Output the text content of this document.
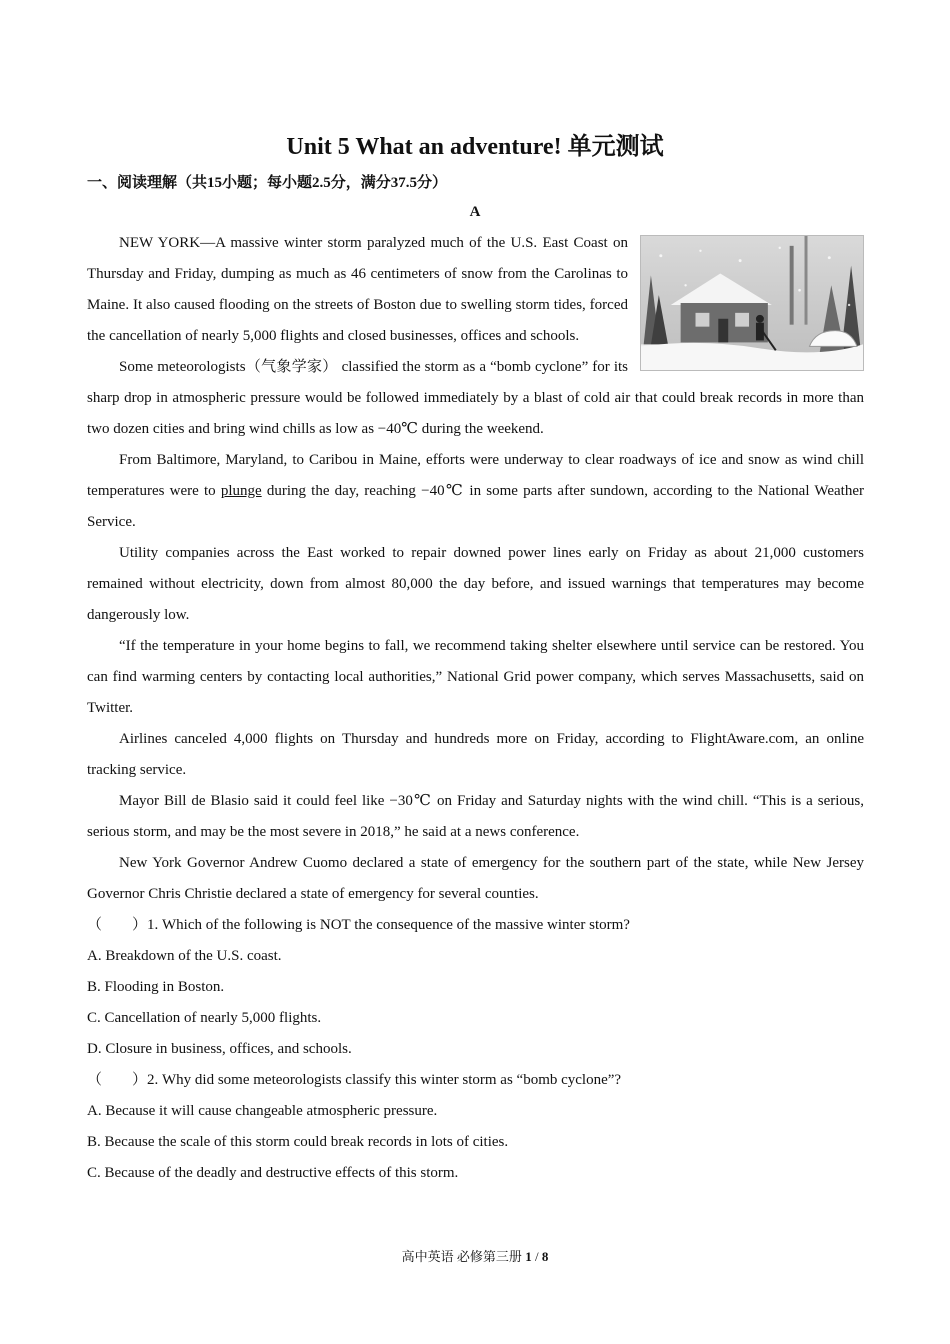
Unit 5 What an adventure! 单元测试
一、阅读理解（共15小题；每小题2.5分，满分37.5分）
A

NEW YORK—A massive winter storm paralyzed much of the U.S. East Coast on Thursday and Friday, dumping as much as 46 centimeters of snow from the Carolinas to Maine. It also caused flooding on the streets of Boston due to swelling storm tides, forced the cancellation of nearly 5,000 flights and closed businesses, offices and schools.

Some meteorologists（气象学家） classified the storm as a “bomb cyclone” for its sharp drop in atmospheric pressure would be followed immediately by a blast of cold air that could break records in more than two dozen cities and bring wind chills as low as −40℃ during the weekend.

From Baltimore, Maryland, to Caribou in Maine, efforts were underway to clear roadways of ice and snow as wind chill temperatures were to plunge during the day, reaching −40℃ in some parts after sundown, according to the National Weather Service.

Utility companies across the East worked to repair downed power lines early on Friday as about 21,000 customers remained without electricity, down from almost 80,000 the day before, and issued warnings that temperatures may become dangerously low.

“If the temperature in your home begins to fall, we recommend taking shelter elsewhere until service can be restored. You can find warming centers by contacting local authorities,” National Grid power company, which serves Massachusetts, said on Twitter.

Airlines canceled 4,000 flights on Thursday and hundreds more on Friday, according to FlightAware.com, an online tracking service.

Mayor Bill de Blasio said it could feel like −30℃ on Friday and Saturday nights with the wind chill. “This is a serious, serious storm, and may be the most severe in 2018,” he said at a news conference.

New York Governor Andrew Cuomo declared a state of emergency for the southern part of the state, while New Jersey Governor Chris Christie declared a state of emergency for several counties.

（　　）1. Which of the following is NOT the consequence of the massive winter storm?

A. Breakdown of the U.S. coast.

B. Flooding in Boston.

C. Cancellation of nearly 5,000 flights.

D. Closure in business, offices, and schools.

（　　）2. Why did some meteorologists classify this winter storm as “bomb cyclone”?

A. Because it will cause changeable atmospheric pressure.

B. Because the scale of this storm could break records in lots of cities.

C. Because of the deadly and destructive effects of this storm.

高中英语 必修第三册 1 / 8
